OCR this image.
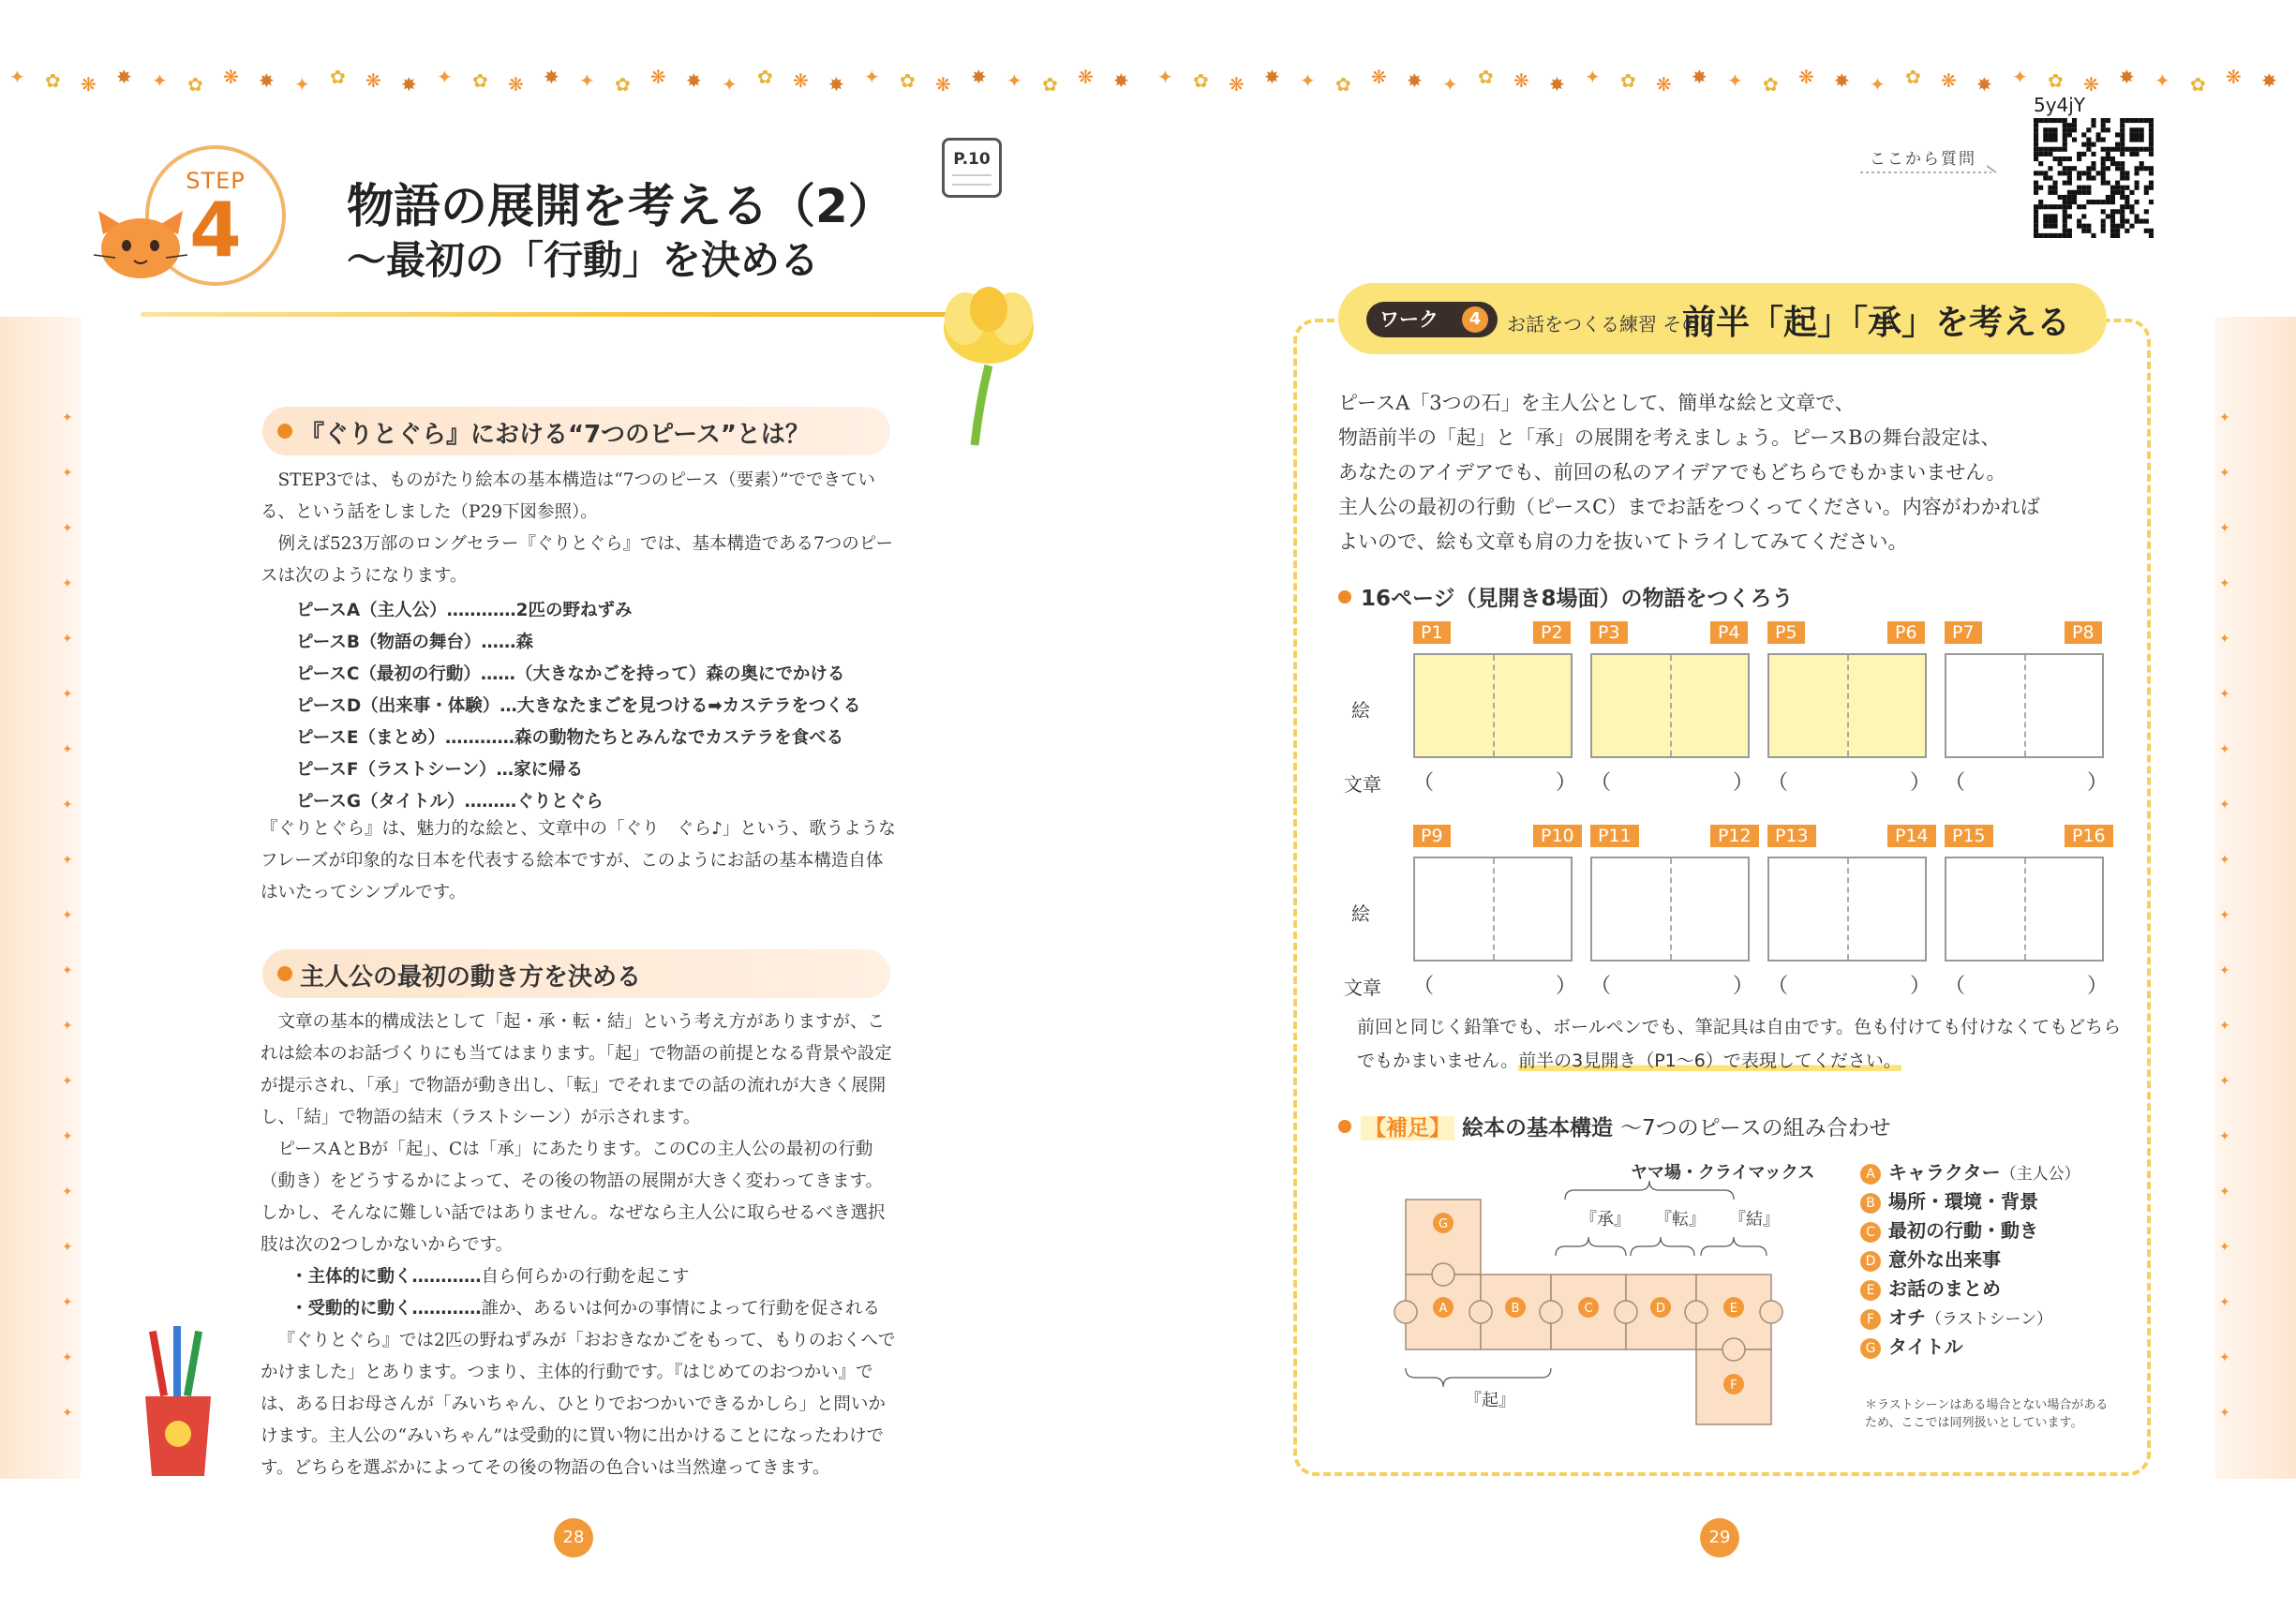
✦ ✿ ❋ ✸ ✦ ✿ ❋ ✸ ✦ ✿ ❋ ✸ ✦ ✿ ❋ ✸ ✦ ✿ ❋ ✸ ✦ ✿ ❋ ✸ ✦ ✿ ❋ ✸ ✦ ✿ ❋ ✸ ✦ ✿ ❋ ✸ ✦ ✿ ❋ ✸ ✦ ✿ ❋ ✸ ✦ ✿ ❋ ✸ ✦ ✿ ❋ ✸ ✦ ✿ ❋ ✸ ✦ ✿ ❋ ✸ ✦ ✿ ❋ ✸
✦
✦
✦
✦
✦
✦
✦
✦
✦
✦
✦
✦
✦
✦
✦
✦
✦
✦
✦
✦
✦
✦
✦
✦
✦
✦
✦
✦
✦
✦
✦
✦
✦
✦
✦
✦
✦
✦
STEP
4	物語の展開を考える（2）
〜最初の「行動」を決める
P.10
『ぐりとぐら』における“7つのピース”とは？

STEP3では、ものがたり絵本の基本構造は“7つのピース（要素）”でできている、という話をしました（P29下図参照）。

例えば523万部のロングセラー『ぐりとぐら』では、基本構造である7つのピースは次のようになります。

ピースA（主人公）…………2匹の野ねずみ
ピースB（物語の舞台）……森
ピースC（最初の行動）……（大きなかごを持って）森の奥にでかける
ピースD（出来事・体験）…大きなたまごを見つける➡カステラをつくる
ピースE（まとめ）…………森の動物たちとみんなでカステラを食べる
ピースF（ラストシーン）…家に帰る
ピースG（タイトル）………ぐりとぐら

『ぐりとぐら』は、魅力的な絵と、文章中の「ぐり　ぐら♪」という、歌うようなフレーズが印象的な日本を代表する絵本ですが、このようにお話の基本構造自体はいたってシンプルです。

主人公の最初の動き方を決める

文章の基本的構成法として「起・承・転・結」という考え方がありますが、これは絵本のお話づくりにも当てはまります。「起」で物語の前提となる背景や設定が提示され、「承」で物語が動き出し、「転」でそれまでの話の流れが大きく展開し、「結」で物語の結末（ラストシーン）が示されます。

ピースAとBが「起」、Cは「承」にあたります。このCの主人公の最初の行動（動き）をどうするかによって、その後の物語の展開が大きく変わってきます。しかし、そんなに難しい話ではありません。なぜなら主人公に取らせるべき選択肢は次の2つしかないからです。

・主体的に動く…………自ら何らかの行動を起こす
・受動的に動く…………誰か、あるいは何かの事情によって行動を促される

『ぐりとぐら』では2匹の野ねずみが「おおきなかごをもって、もりのおくへでかけました」とあります。つまり、主体的行動です。『はじめてのおつかい』では、ある日お母さんが「みいちゃん、ひとりでおつかいできるかしら」と問いかけます。主人公の“みいちゃん”は受動的に買い物に出かけることになったわけです。どちらを選ぶかによってその後の物語の色合いは当然違ってきます。

28
5y4jY
ここから質問
ワーク	4	お話をつくる練習 その2
前半「起」「承」を考える
ピースA「3つの石」を主人公として、簡単な絵と文章で、
物語前半の「起」と「承」の展開を考えましょう。ピースBの舞台設定は、
あなたのアイデアでも、前回の私のアイデアでもどちらでもかまいません。
主人公の最初の行動（ピースC）までお話をつくってください。内容がわかれば
よいので、絵も文章も肩の力を抜いてトライしてみてください。
16ページ（見開き8場面）の物語をつくろう
絵
文章
P1	P2
（	）
P3	P4
（	）
P5	P6
（	）
P7	P8
（	）
絵
文章
P9	P10
（	）
P11	P12
（	）
P13	P14
（	）
P15	P16
（	）
前回と同じく鉛筆でも、ボールペンでも、筆記具は自由です。色も付けても付けなくてもどちらでもかまいません。前半の3見開き（P1〜6）で表現してください。
【補足】 絵本の基本構造 〜7つのピースの組み合わせ
G
A	B	C	D	E
F
ヤマ場・クライマックス
『承』 『転』 『結』
『起』
A キャラクター（主人公）
B 場所・環境・背景
C 最初の行動・動き
D 意外な出来事
E お話のまとめ
F オチ（ラストシーン）
G タイトル
＊ラストシーンはある場合とない場合があるため、ここでは同列扱いとしています。
29
